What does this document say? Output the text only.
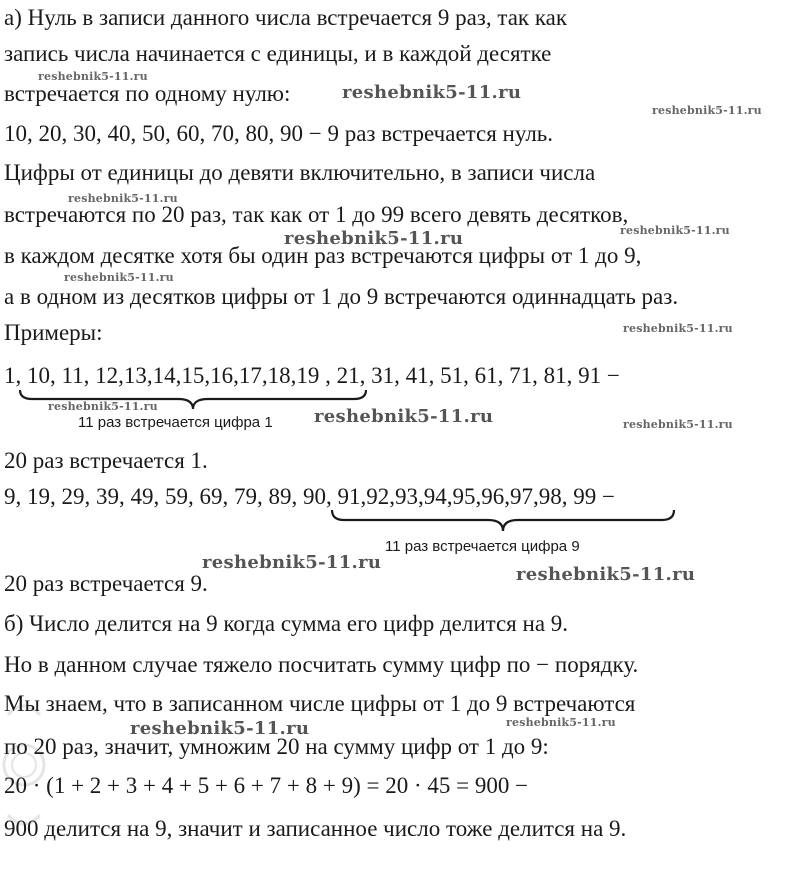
а) Нуль в записи данного числа встречается 9 раз, так как
запись числа начинается с единицы, и в каждой десятке
встречается по одному нулю:
10, 20, 30, 40, 50, 60, 70, 80, 90 − 9 раз встречается нуль.
Цифры от единицы до девяти включительно, в записи числа
встречаются по 20 раз, так как от 1 до 99 всего девять десятков,
в каждом десятке хотя бы один раз встречаются цифры от 1 до 9,
а в одном из десятков цифры от 1 до 9 встречаются одиннадцать раз.
Примеры:
1, 10, 11, 12,13,14,15,16,17,18,19 , 21, 31, 41, 51, 61, 71, 81, 91 −
20 раз встречается 1.
9, 19, 29, 39, 49, 59, 69, 79, 89, 90, 91,92,93,94,95,96,97,98, 99 −
20 раз встречается 9.
б) Число делится на 9 когда сумма его цифр делится на 9.
Но в данном случае тяжело посчитать сумму цифр по − порядку.
Мы знаем, что в записанном числе цифры от 1 до 9 встречаются
по 20 раз, значит, умножим 20 на сумму цифр от 1 до 9:
20 · (1 + 2 + 3 + 4 + 5 + 6 + 7 + 8 + 9) = 20 · 45 = 900 −
900 делится на 9, значит и записанное число тоже делится на 9.
11 раз встречается цифра 1
11 раз встречается цифра 9
reshebnik5-11.ru
reshebnik5-11.ru
reshebnik5-11.ru
reshebnik5-11.ru
reshebnik5-11.ru
reshebnik5-11.ru
reshebnik5-11.ru
reshebnik5-11.ru
reshebnik5-11.ru	reshebnik5-11.ru	reshebnik5-11.ru
reshebnik5-11.ru
reshebnik5-11.ru
reshebnik5-11.ru	reshebnik5-11.ru
